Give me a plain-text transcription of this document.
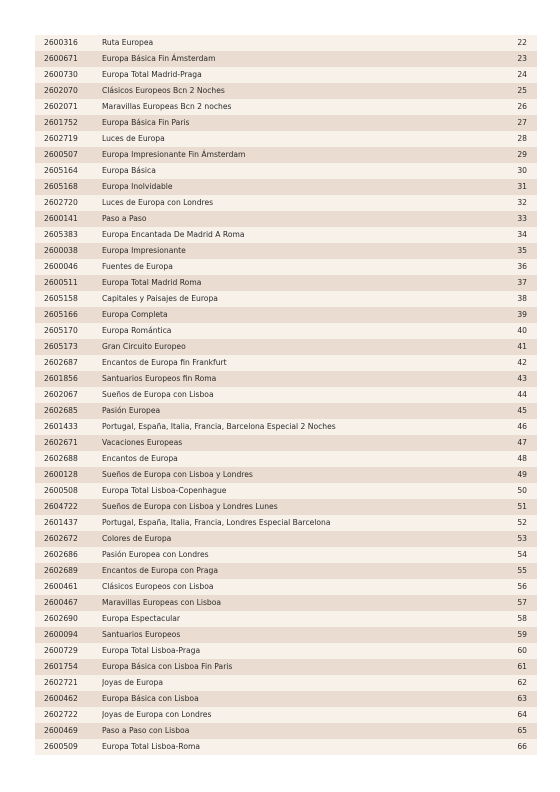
2600316	Ruta Europea	22
2600671	Europa Básica Fin Ámsterdam	23
2600730	Europa Total Madrid-Praga	24
2602070	Clásicos Europeos Bcn 2 Noches	25
2602071	Maravillas Europeas Bcn 2 noches	26
2601752	Europa Básica Fin Paris	27
2602719	Luces de Europa	28
2600507	Europa Impresionante Fin Ámsterdam	29
2605164	Europa Básica	30
2605168	Europa Inolvidable	31
2602720	Luces de Europa con Londres	32
2600141	Paso a Paso	33
2605383	Europa Encantada De Madrid A Roma	34
2600038	Europa Impresionante	35
2600046	Fuentes de Europa	36
2600511	Europa Total Madrid Roma	37
2605158	Capitales y Paisajes de Europa	38
2605166	Europa Completa	39
2605170	Europa Romántica	40
2605173	Gran Circuito Europeo	41
2602687	Encantos de Europa fin Frankfurt	42
2601856	Santuarios Europeos fin Roma	43
2602067	Sueños de Europa con Lisboa	44
2602685	Pasión Europea	45
2601433	Portugal, España, Italia, Francia, Barcelona Especial 2 Noches	46
2602671	Vacaciones Europeas	47
2602688	Encantos de Europa	48
2600128	Sueños de Europa con Lisboa y Londres	49
2600508	Europa Total Lisboa-Copenhague	50
2604722	Sueños de Europa con Lisboa y Londres Lunes	51
2601437	Portugal, España, Italia, Francia, Londres Especial Barcelona	52
2602672	Colores de Europa	53
2602686	Pasión Europea con Londres	54
2602689	Encantos de Europa con Praga	55
2600461	Clásicos Europeos con Lisboa	56
2600467	Maravillas Europeas con Lisboa	57
2602690	Europa Espectacular	58
2600094	Santuarios Europeos	59
2600729	Europa Total Lisboa-Praga	60
2601754	Europa Básica con Lisboa Fin Paris	61
2602721	Joyas de Europa	62
2600462	Europa Básica con Lisboa	63
2602722	Joyas de Europa con Londres	64
2600469	Paso a Paso con Lisboa	65
2600509	Europa Total Lisboa-Roma	66
